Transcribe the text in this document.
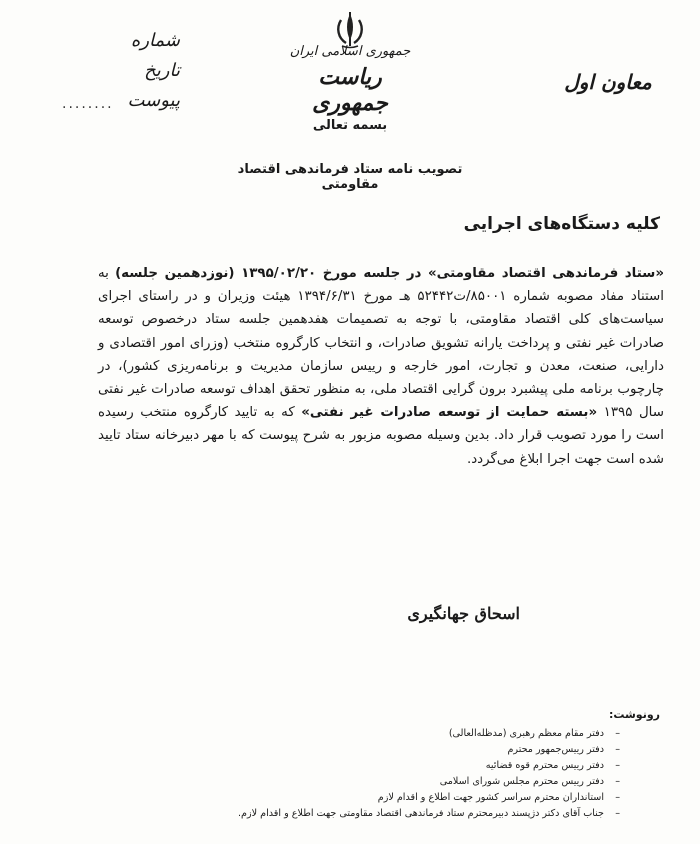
شماره
تاریخ
پیوست
........
جمهوری اسلامی ایران
ریاست جمهوری
معاون اول
بسمه تعالی
تصویب نامه ستاد فرماندهی اقتصاد مقاومتی
کلیه دستگاه‌های اجرایی
«ستاد فرماندهی اقتصاد مقاومتی» در جلسه مورخ ۱۳۹۵/۰۲/۲۰ (نوزدهمین جلسه) به استناد مفاد مصوبه شماره ۸۵۰۰۱/ت۵۲۴۴۲ هـ مورخ ۱۳۹۴/۶/۳۱ هیئت وزیران و در راستای اجرای سیاست‌های کلی اقتصاد مقاومتی، با توجه به تصمیمات هفدهمین جلسه ستاد درخصوص توسعه صادرات غیر نفتی و پرداخت یارانه تشویق صادرات، و انتخاب کارگروه منتخب (وزرای امور اقتصادی و دارایی، صنعت، معدن و تجارت، امور خارجه و رییس سازمان مدیریت و برنامه‌ریزی کشور)، در چارچوب برنامه ملی پیشبرد برون گرایی اقتصاد ملی، به منظور تحقق اهداف توسعه صادرات غیر نفتی سال ۱۳۹۵ «بسته حمایت از توسعه صادرات غیر نفتی» که به تایید کارگروه منتخب رسیده است را مورد تصویب قرار داد. بدین وسیله مصوبه مزبور به شرح پیوست که با مهر دبیرخانه ستاد تایید شده است جهت اجرا ابلاغ می‌گردد.
اسحاق جهانگیری
رونوشت:
–
دفتر مقام معظم رهبری (مدظله‌العالی)
–
دفتر رییس‌جمهور محترم
–
دفتر رییس محترم قوه قضائیه
–
دفتر رییس محترم مجلس شورای اسلامی
–
استانداران محترم سراسر کشور جهت اطلاع و اقدام لازم
–
جناب آقای دکتر دژپسند دبیرمحترم ستاد فرماندهی اقتصاد مقاومتی جهت اطلاع و اقدام لازم.
